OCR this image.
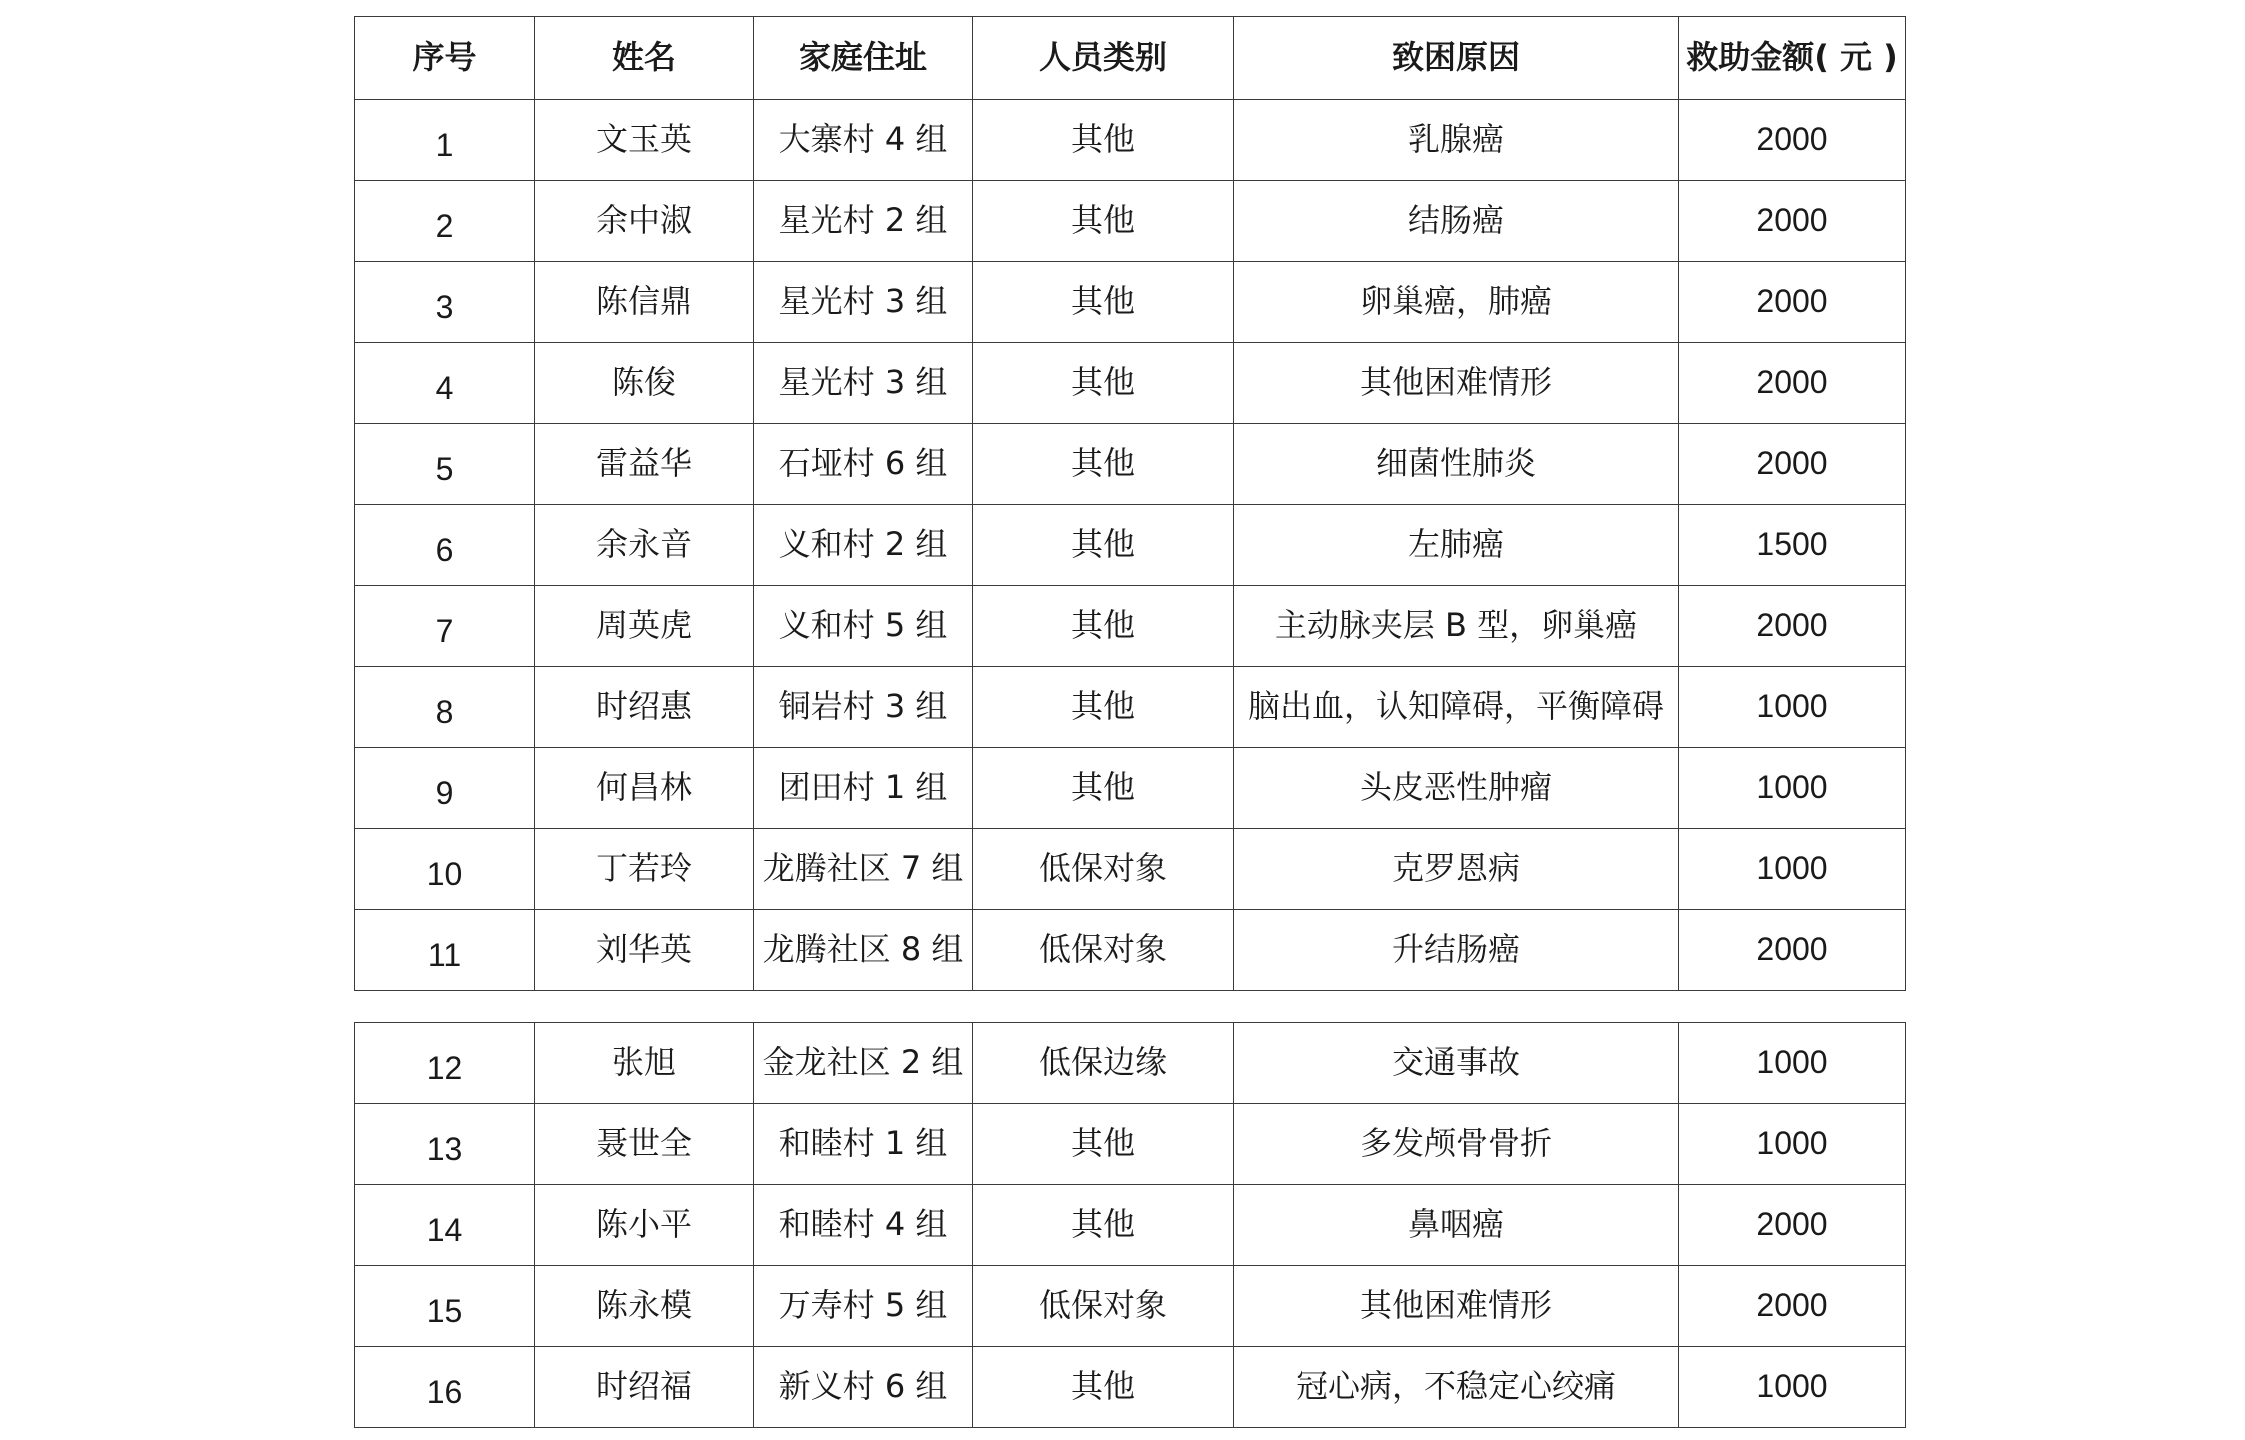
序号	姓名	家庭住址	人员类别	致困原因	救助金额( 元 )
1	文玉英	大寨村 4 组	其他	乳腺癌	2000
2	余中淑	星光村 2 组	其他	结肠癌	2000
3	陈信鼎	星光村 3 组	其他	卵巢癌，肺癌	2000
4	陈俊	星光村 3 组	其他	其他困难情形	2000
5	雷益华	石垭村 6 组	其他	细菌性肺炎	2000
6	余永音	义和村 2 组	其他	左肺癌	1500
7	周英虎	义和村 5 组	其他	主动脉夹层 B 型，卵巢癌	2000
8	时绍惠	铜岩村 3 组	其他	脑出血，认知障碍，平衡障碍	1000
9	何昌林	团田村 1 组	其他	头皮恶性肿瘤	1000
10	丁若玲	龙腾社区 7 组	低保对象	克罗恩病	1000
11	刘华英	龙腾社区 8 组	低保对象	升结肠癌	2000
12	张旭	金龙社区 2 组	低保边缘	交通事故	1000
13	聂世全	和睦村 1 组	其他	多发颅骨骨折	1000
14	陈小平	和睦村 4 组	其他	鼻咽癌	2000
15	陈永模	万寿村 5 组	低保对象	其他困难情形	2000
16	时绍福	新义村 6 组	其他	冠心病，不稳定心绞痛	1000
